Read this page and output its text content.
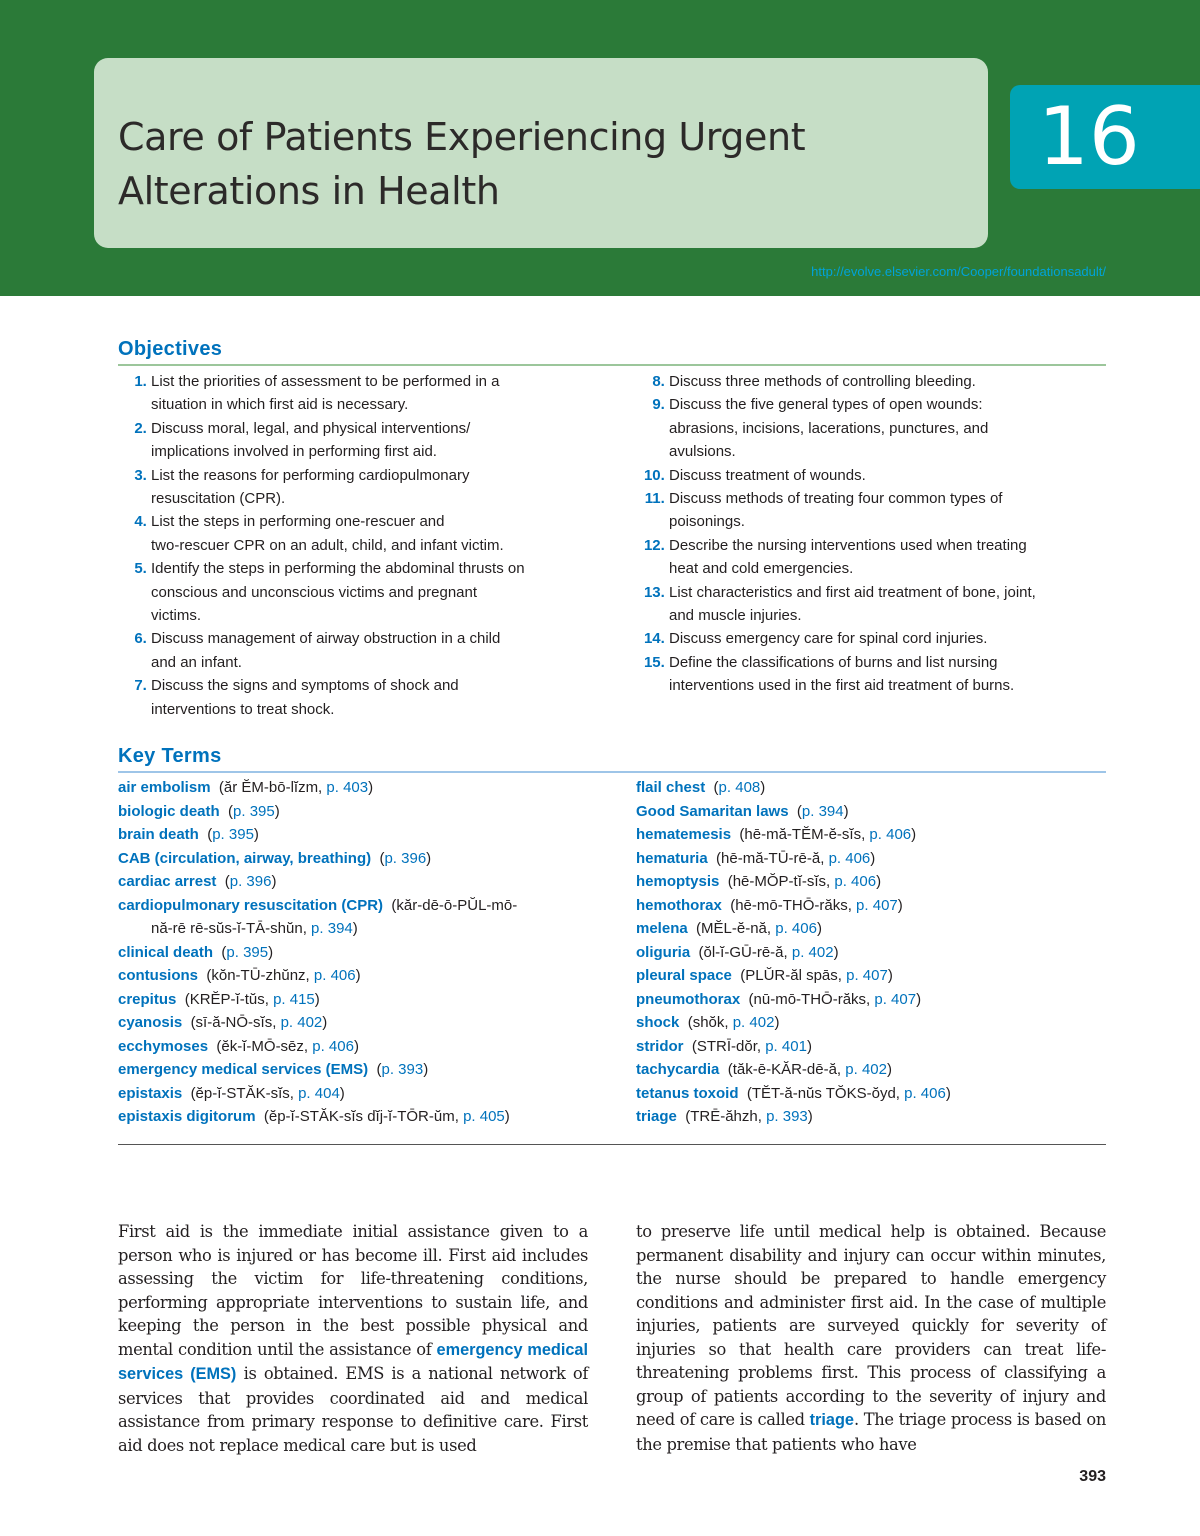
Care of Patients Experiencing Urgent
Alterations in Health
16
http://evolve.elsevier.com/Cooper/foundationsadult/
Objectives
1. List the priorities of assessment to be performed in a
situation in which first aid is necessary.
2. Discuss moral, legal, and physical interventions/
implications involved in performing first aid.
3. List the reasons for performing cardiopulmonary
resuscitation (CPR).
4. List the steps in performing one-rescuer and
two-rescuer CPR on an adult, child, and infant victim.
5. Identify the steps in performing the abdominal thrusts on
conscious and unconscious victims and pregnant
victims.
6. Discuss management of airway obstruction in a child
and an infant.
7. Discuss the signs and symptoms of shock and
interventions to treat shock.
8. Discuss three methods of controlling bleeding.
9. Discuss the five general types of open wounds:
abrasions, incisions, lacerations, punctures, and
avulsions.
10. Discuss treatment of wounds.
11. Discuss methods of treating four common types of
poisonings.
12. Describe the nursing interventions used when treating
heat and cold emergencies.
13. List characteristics and first aid treatment of bone, joint,
and muscle injuries.
14. Discuss emergency care for spinal cord injuries.
15. Define the classifications of burns and list nursing
interventions used in the first aid treatment of burns.
Key Terms
air embolism (ăr ĔM-bō-lĭzm, p. 403)
biologic death (p. 395)
brain death (p. 395)
CAB (circulation, airway, breathing) (p. 396)
cardiac arrest (p. 396)
cardiopulmonary resuscitation (CPR) (kăr-dē-ō-PŬL-mō-
nă-rē rē-sŭs-ĭ-TĀ-shŭn, p. 394)
clinical death (p. 395)
contusions (kŏn-TŪ-zhŭnz, p. 406)
crepitus (KRĔP-ĭ-tŭs, p. 415)
cyanosis (sī-ă-NŌ-sĭs, p. 402)
ecchymoses (ĕk-ĭ-MŌ-sēz, p. 406)
emergency medical services (EMS) (p. 393)
epistaxis (ĕp-ĭ-STĂK-sĭs, p. 404)
epistaxis digitorum (ĕp-ĭ-STĂK-sĭs dĭj-ĭ-TŌR-ŭm, p. 405)
flail chest (p. 408)
Good Samaritan laws (p. 394)
hematemesis (hē-mă-TĔM-ĕ-sĭs, p. 406)
hematuria (hē-mă-TŪ-rē-ă, p. 406)
hemoptysis (hē-MŎP-tĭ-sĭs, p. 406)
hemothorax (hē-mō-THŌ-răks, p. 407)
melena (MĔL-ĕ-nă, p. 406)
oliguria (ŏl-ĭ-GŪ-rē-ă, p. 402)
pleural space (PLŬR-ăl spās, p. 407)
pneumothorax (nū-mō-THŌ-răks, p. 407)
shock (shŏk, p. 402)
stridor (STRĪ-dŏr, p. 401)
tachycardia (tăk-ē-KĂR-dē-ă, p. 402)
tetanus toxoid (TĔT-ă-nŭs TŎKS-ŏyd, p. 406)
triage (TRĒ-ăhzh, p. 393)
First aid is the immediate initial assistance given to a person who is injured or has become ill. First aid includes assessing the victim for life-threatening conditions, performing appropriate interventions to sustain life, and keeping the person in the best possible physical and mental condition until the assistance of emergency medical services (EMS) is obtained. EMS is a national network of services that provides coordinated aid and medical assistance from primary response to definitive care. First aid does not replace medical care but is used
to preserve life until medical help is obtained. Because permanent disability and injury can occur within minutes, the nurse should be prepared to handle emergency conditions and administer first aid. In the case of multiple injuries, patients are surveyed quickly for severity of injuries so that health care providers can treat life-threatening problems first. This process of classifying a group of patients according to the severity of injury and need of care is called triage. The triage process is based on the premise that patients who have
393
